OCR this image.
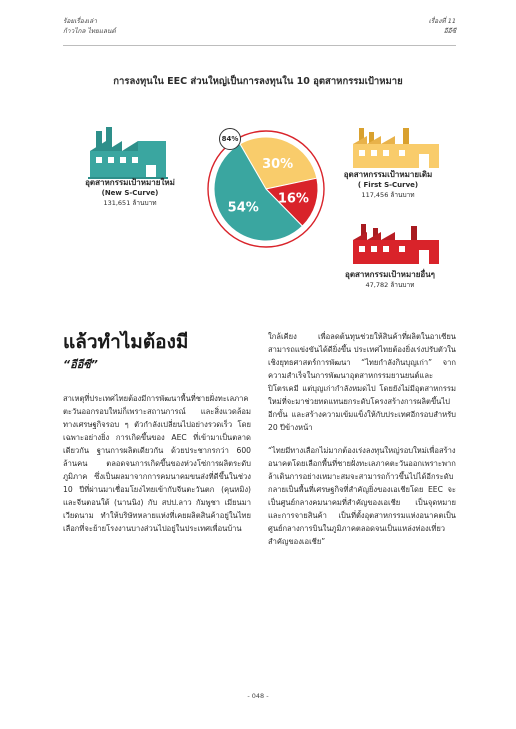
ร้อยเรื่องเล่า
ก้าวไกล ไทยแลนด์
เรื่องที่ 11
อีอีซี
การลงทุนใน EEC ส่วนใหญ่เป็นการลงทุนใน 10 อุตสาหกรรมเป้าหมาย
30%
16%
54%
84%
อุตสาหกรรมเป้าหมายใหม่
(New S-Curve)
131,651 ล้านบาท
อุตสาหกรรมเป้าหมายเดิม
( First S-Curve)
117,456 ล้านบาท
อุตสาหกรรมเป้าหมายอื่นๆ
47,782 ล้านบาท
แล้วทำไมต้องมี
“อีอีซี”

สาเหตุที่ประเทศไทยต้องมีการพัฒนาพื้นที่ชายฝั่งทะเลภาคตะวันออกรอบใหม่ก็เพราะสถานการณ์ และสิ่งแวดล้อมทางเศรษฐกิจรอบ ๆ ตัวกำลังเปลี่ยนไปอย่างรวดเร็ว โดยเฉพาะอย่างยิ่ง การเกิดขึ้นของ AEC ที่เข้ามาเป็นตลาดเดียวกัน ฐานการผลิตเดียวกัน ด้วยประชากรกว่า 600 ล้านคน ตลอดจนการเกิดขึ้นของห่วงโซ่การผลิตระดับภูมิภาค ซึ่งเป็นผลมาจากการคมนาคมขนส่งที่ดีขึ้นในช่วง 10 ปีที่ผ่านมาเชื่อมโยงไทยเข้ากับจีนตะวันตก (คุนหมิง) และจีนตอนใต้ (นานนิง) กับ สปป.ลาว กัมพูชา เมียนมา เวียดนาม ทำให้บริษัทหลายแห่งที่เคยผลิตสินค้าอยู่ในไทยเลือกที่จะย้ายโรงงานบางส่วนไปอยู่ในประเทศเพื่อนบ้าน

ใกล้เคียง เพื่อลดต้นทุนช่วยให้สินค้าที่ผลิตในอาเซียนสามารถแข่งขันได้ดียิ่งขึ้น ประเทศไทยต้องยิ่งเร่งปรับตัวในเชิงยุทธศาสตร์การพัฒนา “ไทยกำลังกินบุญเก่า” จากความสำเร็จในการพัฒนาอุตสาหกรรมยานยนต์และปิโตรเคมี แต่บุญเก่ากำลังหมดไป โดยยังไม่มีอุตสาหกรรมใหม่ที่จะมาช่วยทดแทนยกระดับโครงสร้างการผลิตขึ้นไปอีกขั้น และสร้างความเข้มแข็งให้กับประเทศอีกรอบสำหรับ 20 ปีข้างหน้า

“ไทยมีทางเลือกไม่มากต้องเร่งลงทุนใหญ่รอบใหม่เพื่อสร้างอนาคตโดยเลือกพื้นที่ชายฝั่งทะเลภาคตะวันออกเพราะพากล้าเดินการอย่างเหมาะสมจะสามารถก้าวขึ้นไปได้อีกระดับ กลายเป็นพื้นที่เศรษฐกิจที่สำคัญยิ่งของเอเชียโดย EEC จะเป็นศูนย์กลางคมนาคมที่สำคัญของเอเชีย เป็นจุดหมายและการจายสินค้า เป็นที่ตั้งอุตสาหกรรมแห่งอนาคตเป็นศูนย์กลางการบินในภูมิภาคตลอดจนเป็นแหล่งท่องเที่ยวสำคัญของเอเชีย”

- 048 -
